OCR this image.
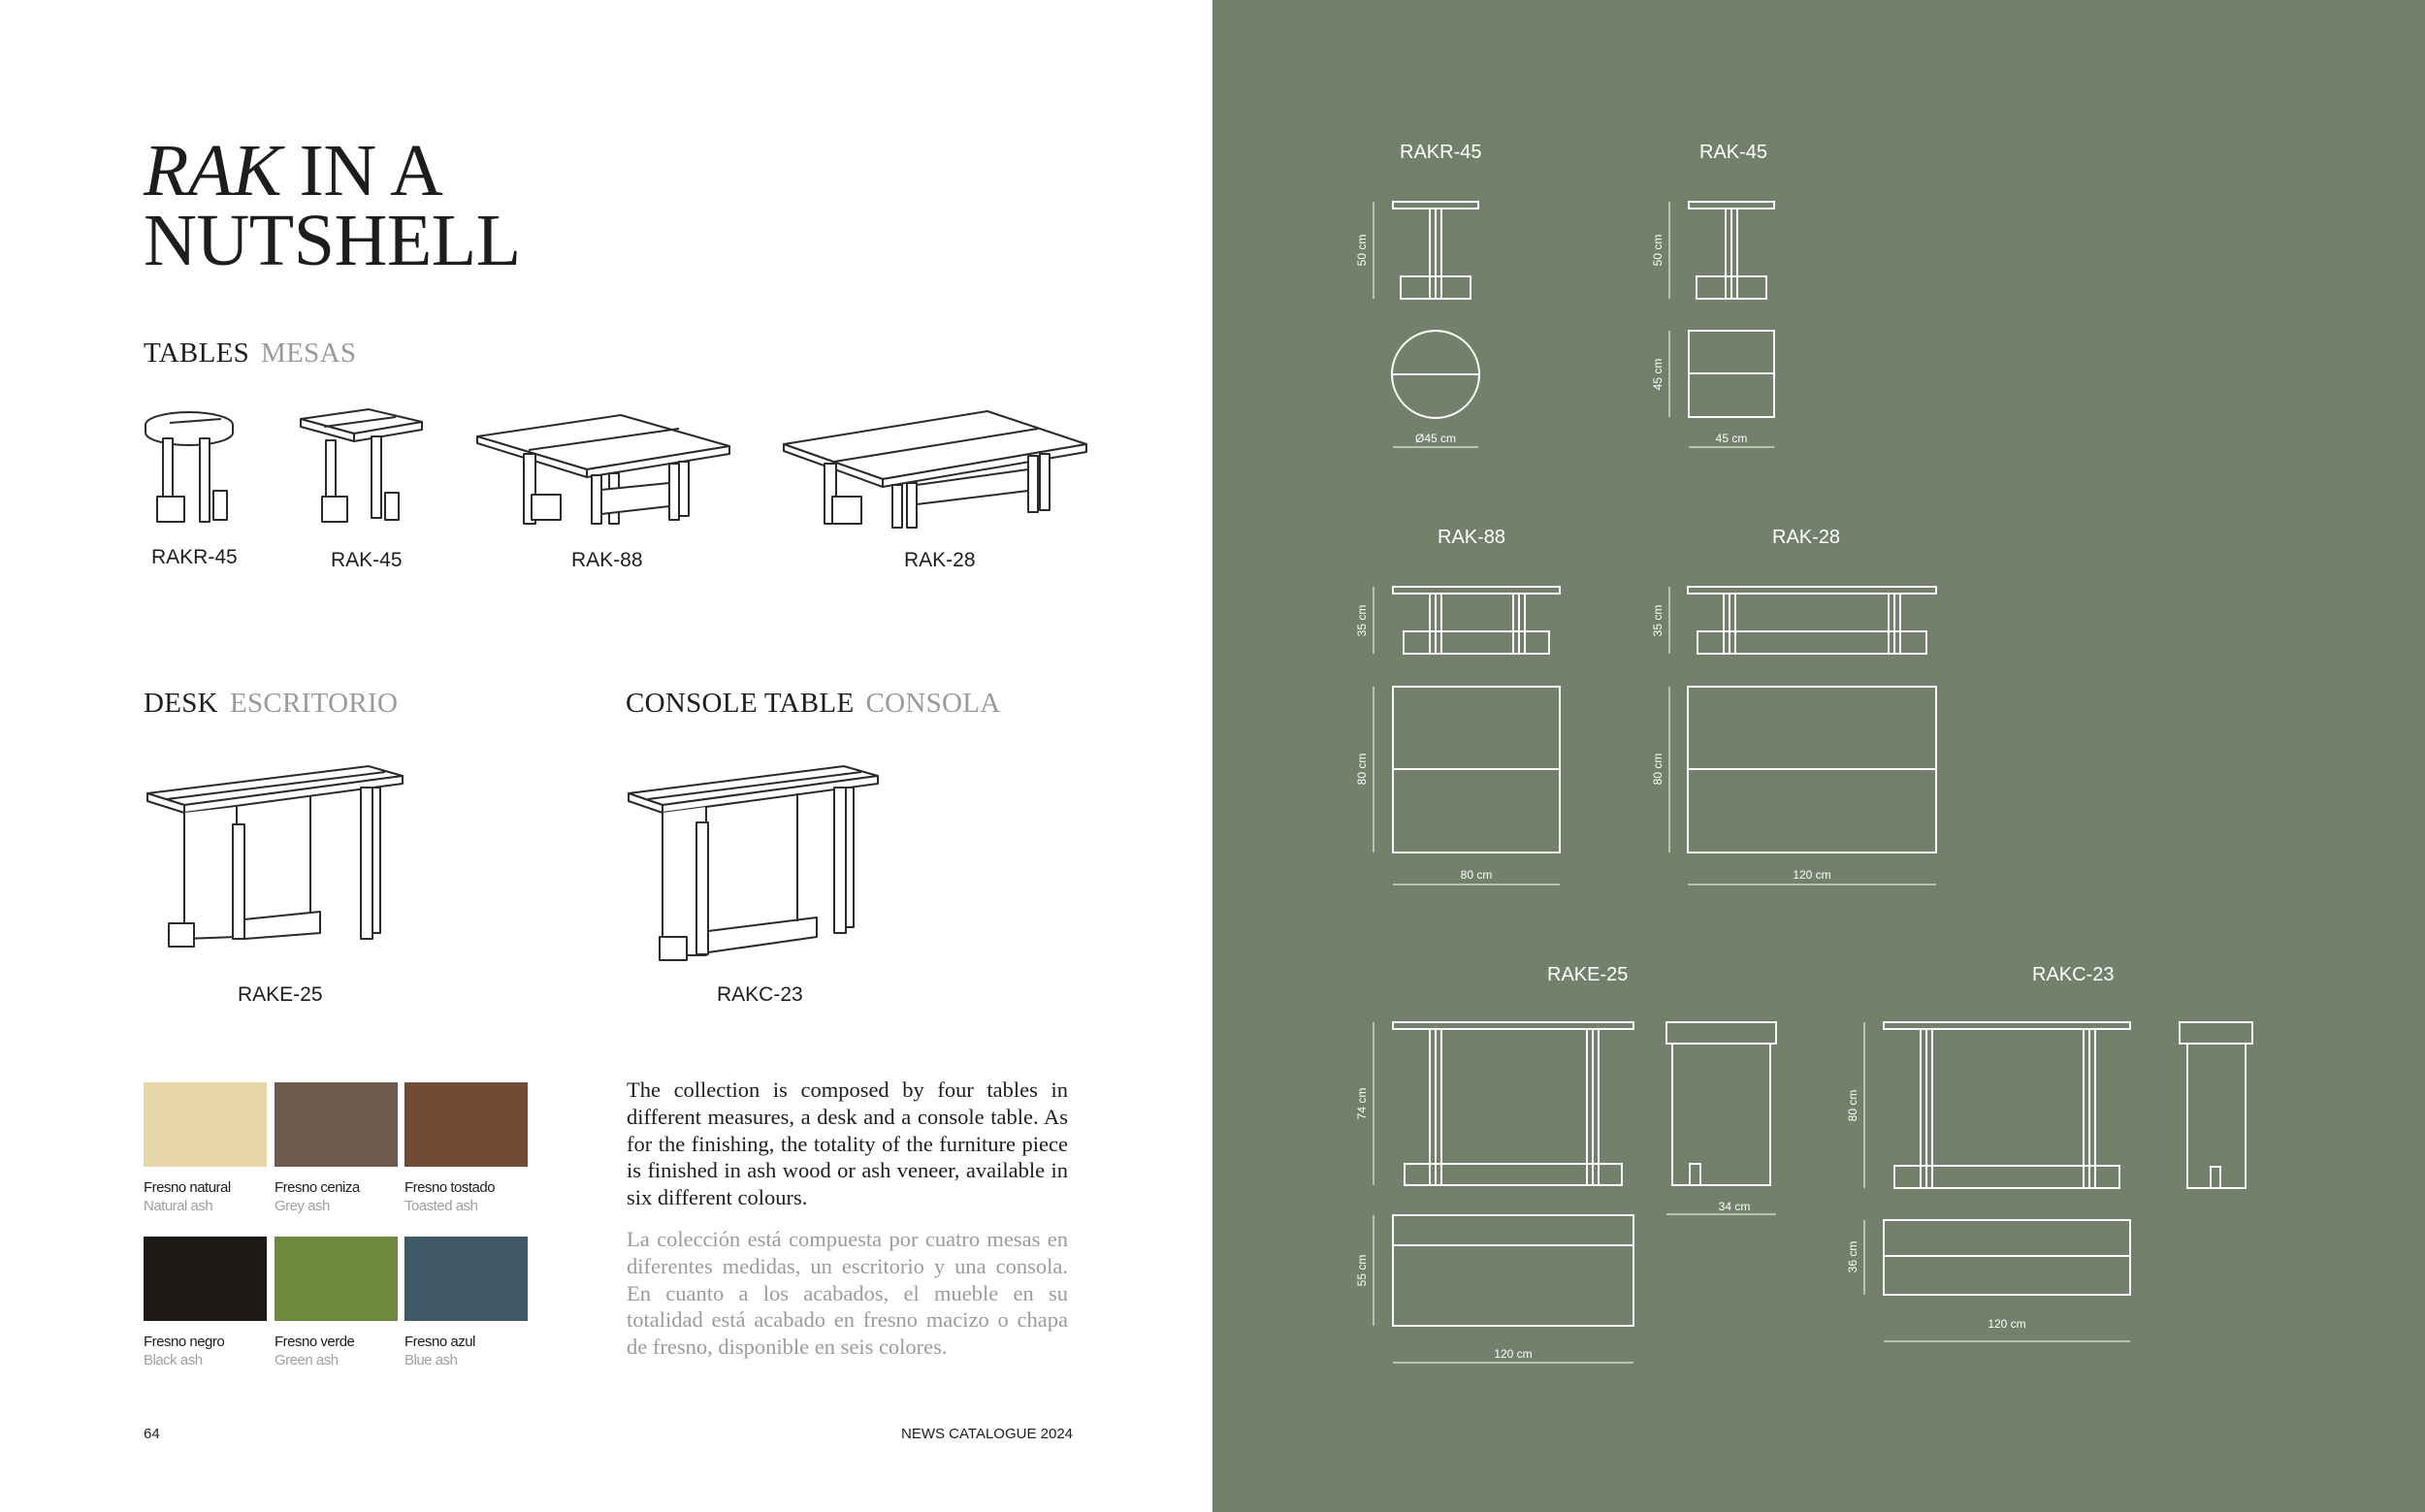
RAK IN A
NUTSHELL
TABLES MESAS
DESK ESCRITORIO	CONSOLE TABLE CONSOLA
RAKR-45	RAK-45	RAK-88	RAK-28
RAKE-25	RAKC-23
Fresno natural
Natural ash
Fresno ceniza
Grey ash
Fresno tostado
Toasted ash
Fresno negro
Black ash
Fresno verde
Green ash
Fresno azul
Blue ash
The collection is composed by four tables in different measures, a desk and a console table. As for the finishing, the totality of the furniture piece is finished in ash wood or ash veneer, available in six different colours.
La colección está compuesta por cuatro mesas en diferentes medidas, un escritorio y una consola. En cuanto a los acabados, el mueble en su totalidad está acabado en fresno macizo o chapa de fresno, disponible en seis colores.
64	NEWS CATALOGUE 2024
RAKR-45	RAK-45
RAK-88	RAK-28
RAKE-25	RAKC-23
50 cm
Ø45 cm
50 cm
45 cm
45 cm
35 cm
80 cm
80 cm
35 cm
80 cm
120 cm
74 cm
34 cm
55 cm
120 cm
80 cm
36 cm
120 cm
